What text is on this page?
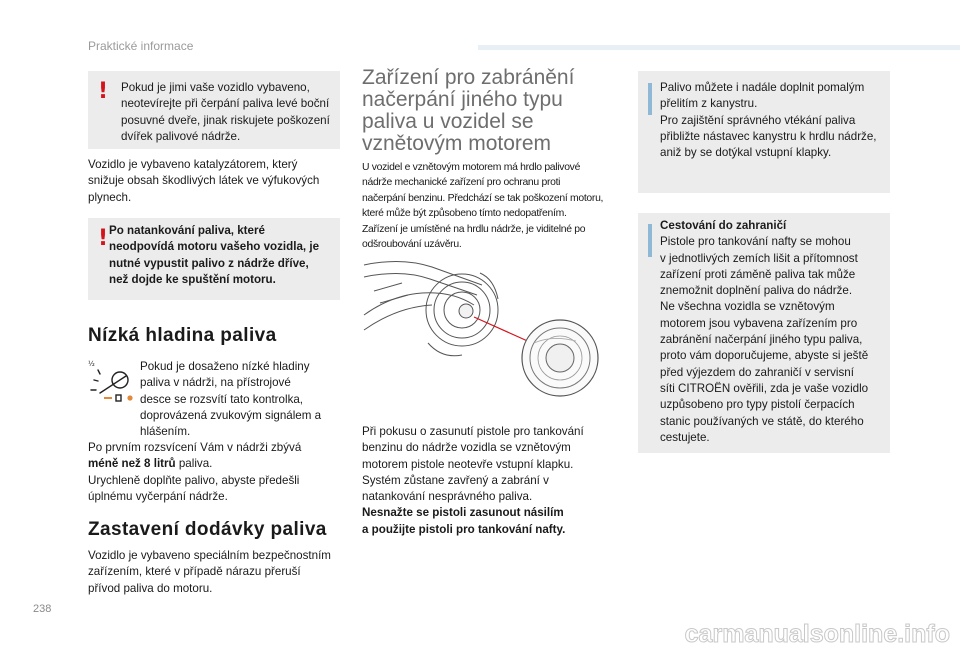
Praktické informace
! Pokud je jimi vaše vozidlo vybaveno,

neotevírejte při čerpání paliva levé boční

posuvné dveře, jinak riskujete poškození

dvířek palivové nádrže.

Vozidlo je vybaveno katalyzátorem, který

snižuje obsah škodlivých látek ve výfukových

plynech.

! Po natankování paliva, které

neodpovídá motoru vašeho vozidla, je

nutné vypustit palivo z nádrže dříve,

než dojde ke spuštění motoru.

Nízká hladina paliva
½	Pokud je dosaženo nízké hladiny

paliva v nádrži, na přístrojové

desce se rozsvítí tato kontrolka,

doprovázená zvukovým signálem a

hlášením.

Po prvním rozsvícení Vám v nádrži zbývá

méně než 8 litrů paliva.

Urychleně doplňte palivo, abyste předešli

úplnému vyčerpání nádrže.

Zastavení dodávky paliva

Vozidlo je vybaveno speciálním bezpečnostním

zařízením, které v případě nárazu přeruší

přívod paliva do motoru.

Zařízení pro zabránění

načerpání jiného typu

paliva u vozidel se

vznětovým motorem

U vozidel e vznětovým motorem má hrdlo palivové

nádrže mechanické zařízení pro ochranu proti

načerpání benzinu. Předchází se tak poškození motoru,

které může být způsobeno tímto nedopatřením.

Zařízení je umístěné na hrdlu nádrže, je viditelné po

odšroubování uzávěru.

Při pokusu o zasunutí pistole pro tankování

benzinu do nádrže vozidla se vznětovým

motorem pistole neotevře vstupní klapku.

Systém zůstane zavřený a zabrání v

natankování nesprávného paliva.

Nesnažte se pistoli zasunout násilím

a použijte pistoli pro tankování nafty.

Palivo můžete i nadále doplnit pomalým

přelitím z kanystru.

Pro zajištění správného vtékání paliva

přibližte nástavec kanystru k hrdlu nádrže,

aniž by se dotýkal vstupní klapky.

Cestování do zahraničí

Pistole pro tankování nafty se mohou

v jednotlivých zemích lišit a přítomnost

zařízení proti záměně paliva tak může

znemožnit doplnění paliva do nádrže.

Ne všechna vozidla se vznětovým

motorem jsou vybavena zařízením pro

zabránění načerpání jiného typu paliva,

proto vám doporučujeme, abyste si ještě

před výjezdem do zahraničí v servisní

síti CITROËN ověřili, zda je vaše vozidlo

uzpůsobeno pro typy pistolí čerpacích

stanic používaných ve státě, do kterého

cestujete.

238
carmanualsonline.info
